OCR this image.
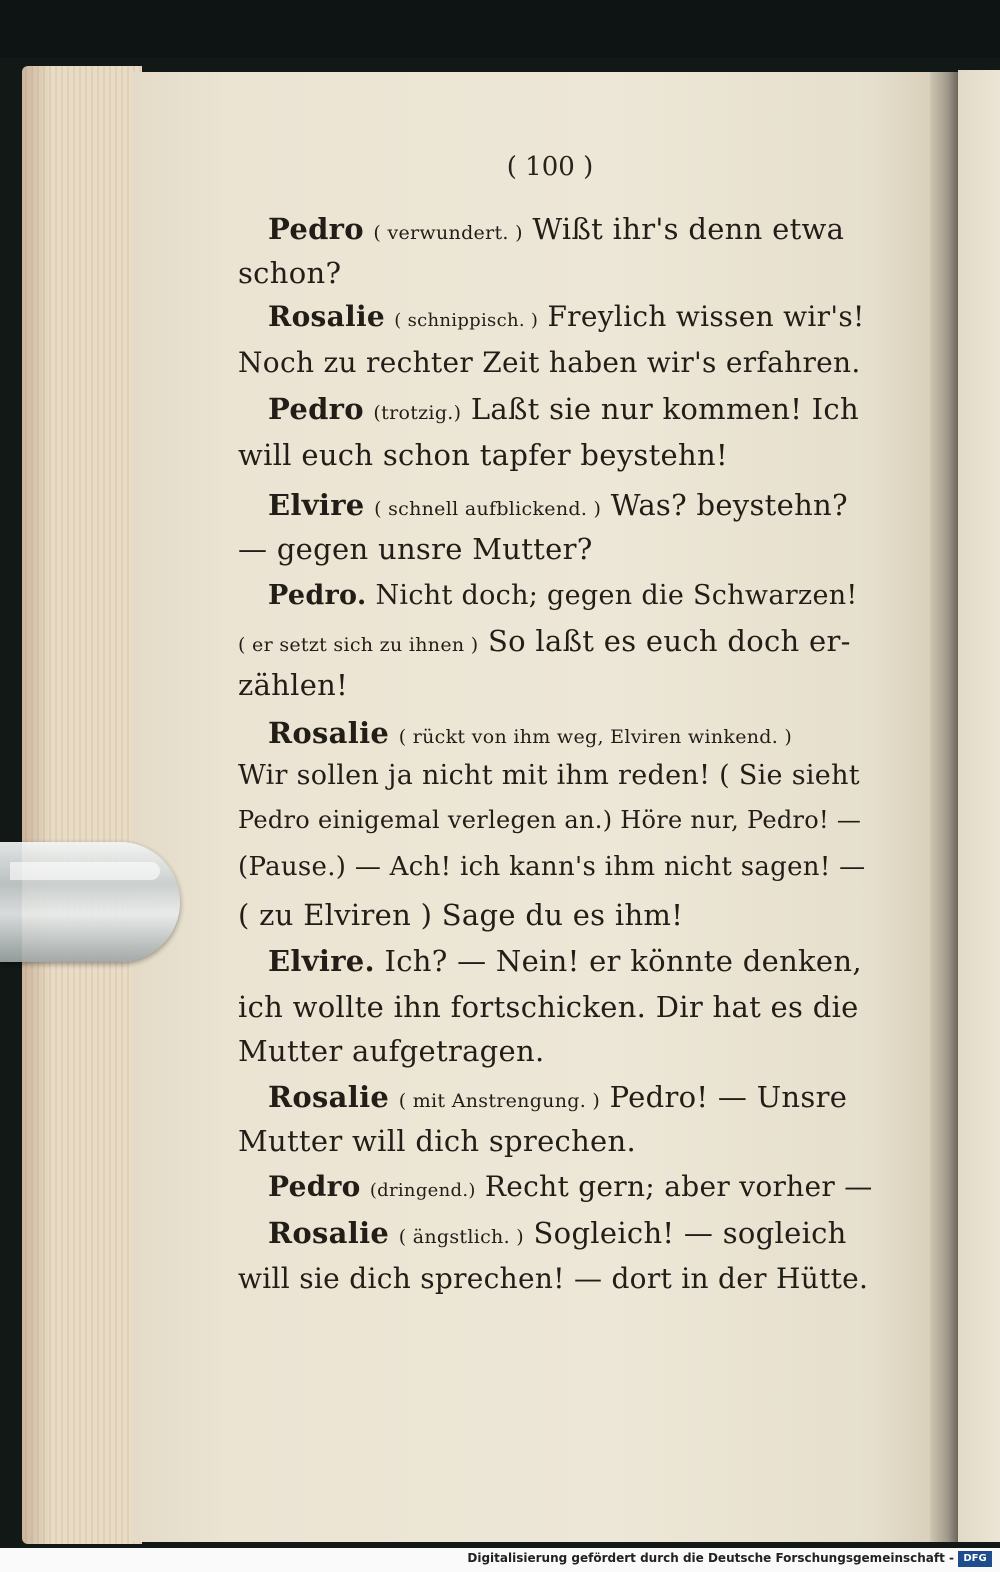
( 100 )
Pedro ( verwundert. ) Wißt ihr's denn etwa
schon?
Rosalie ( schnippisch. ) Freylich wissen wir's!
Noch zu rechter Zeit haben wir's erfahren.
Pedro (trotzig.) Laßt sie nur kommen! Ich
will euch schon tapfer beystehn!
Elvire ( schnell aufblickend. ) Was? beystehn?
— gegen unsre Mutter?
Pedro. Nicht doch; gegen die Schwarzen!
( er setzt sich zu ihnen ) So laßt es euch doch er-
zählen!
Rosalie ( rückt von ihm weg, Elviren winkend. )
Wir sollen ja nicht mit ihm reden! ( Sie sieht
Pedro einigemal verlegen an.) Höre nur, Pedro! —
(Pause.) — Ach! ich kann's ihm nicht sagen! —
( zu Elviren ) Sage du es ihm!
Elvire. Ich? — Nein! er könnte denken,
ich wollte ihn fortschicken. Dir hat es die
Mutter aufgetragen.
Rosalie ( mit Anstrengung. ) Pedro! — Unsre
Mutter will dich sprechen.
Pedro (dringend.) Recht gern; aber vorher —
Rosalie ( ängstlich. ) Sogleich! — sogleich
will sie dich sprechen! — dort in der Hütte.
Digitalisierung gefördert durch die Deutsche Forschungsgemeinschaft - DFG
